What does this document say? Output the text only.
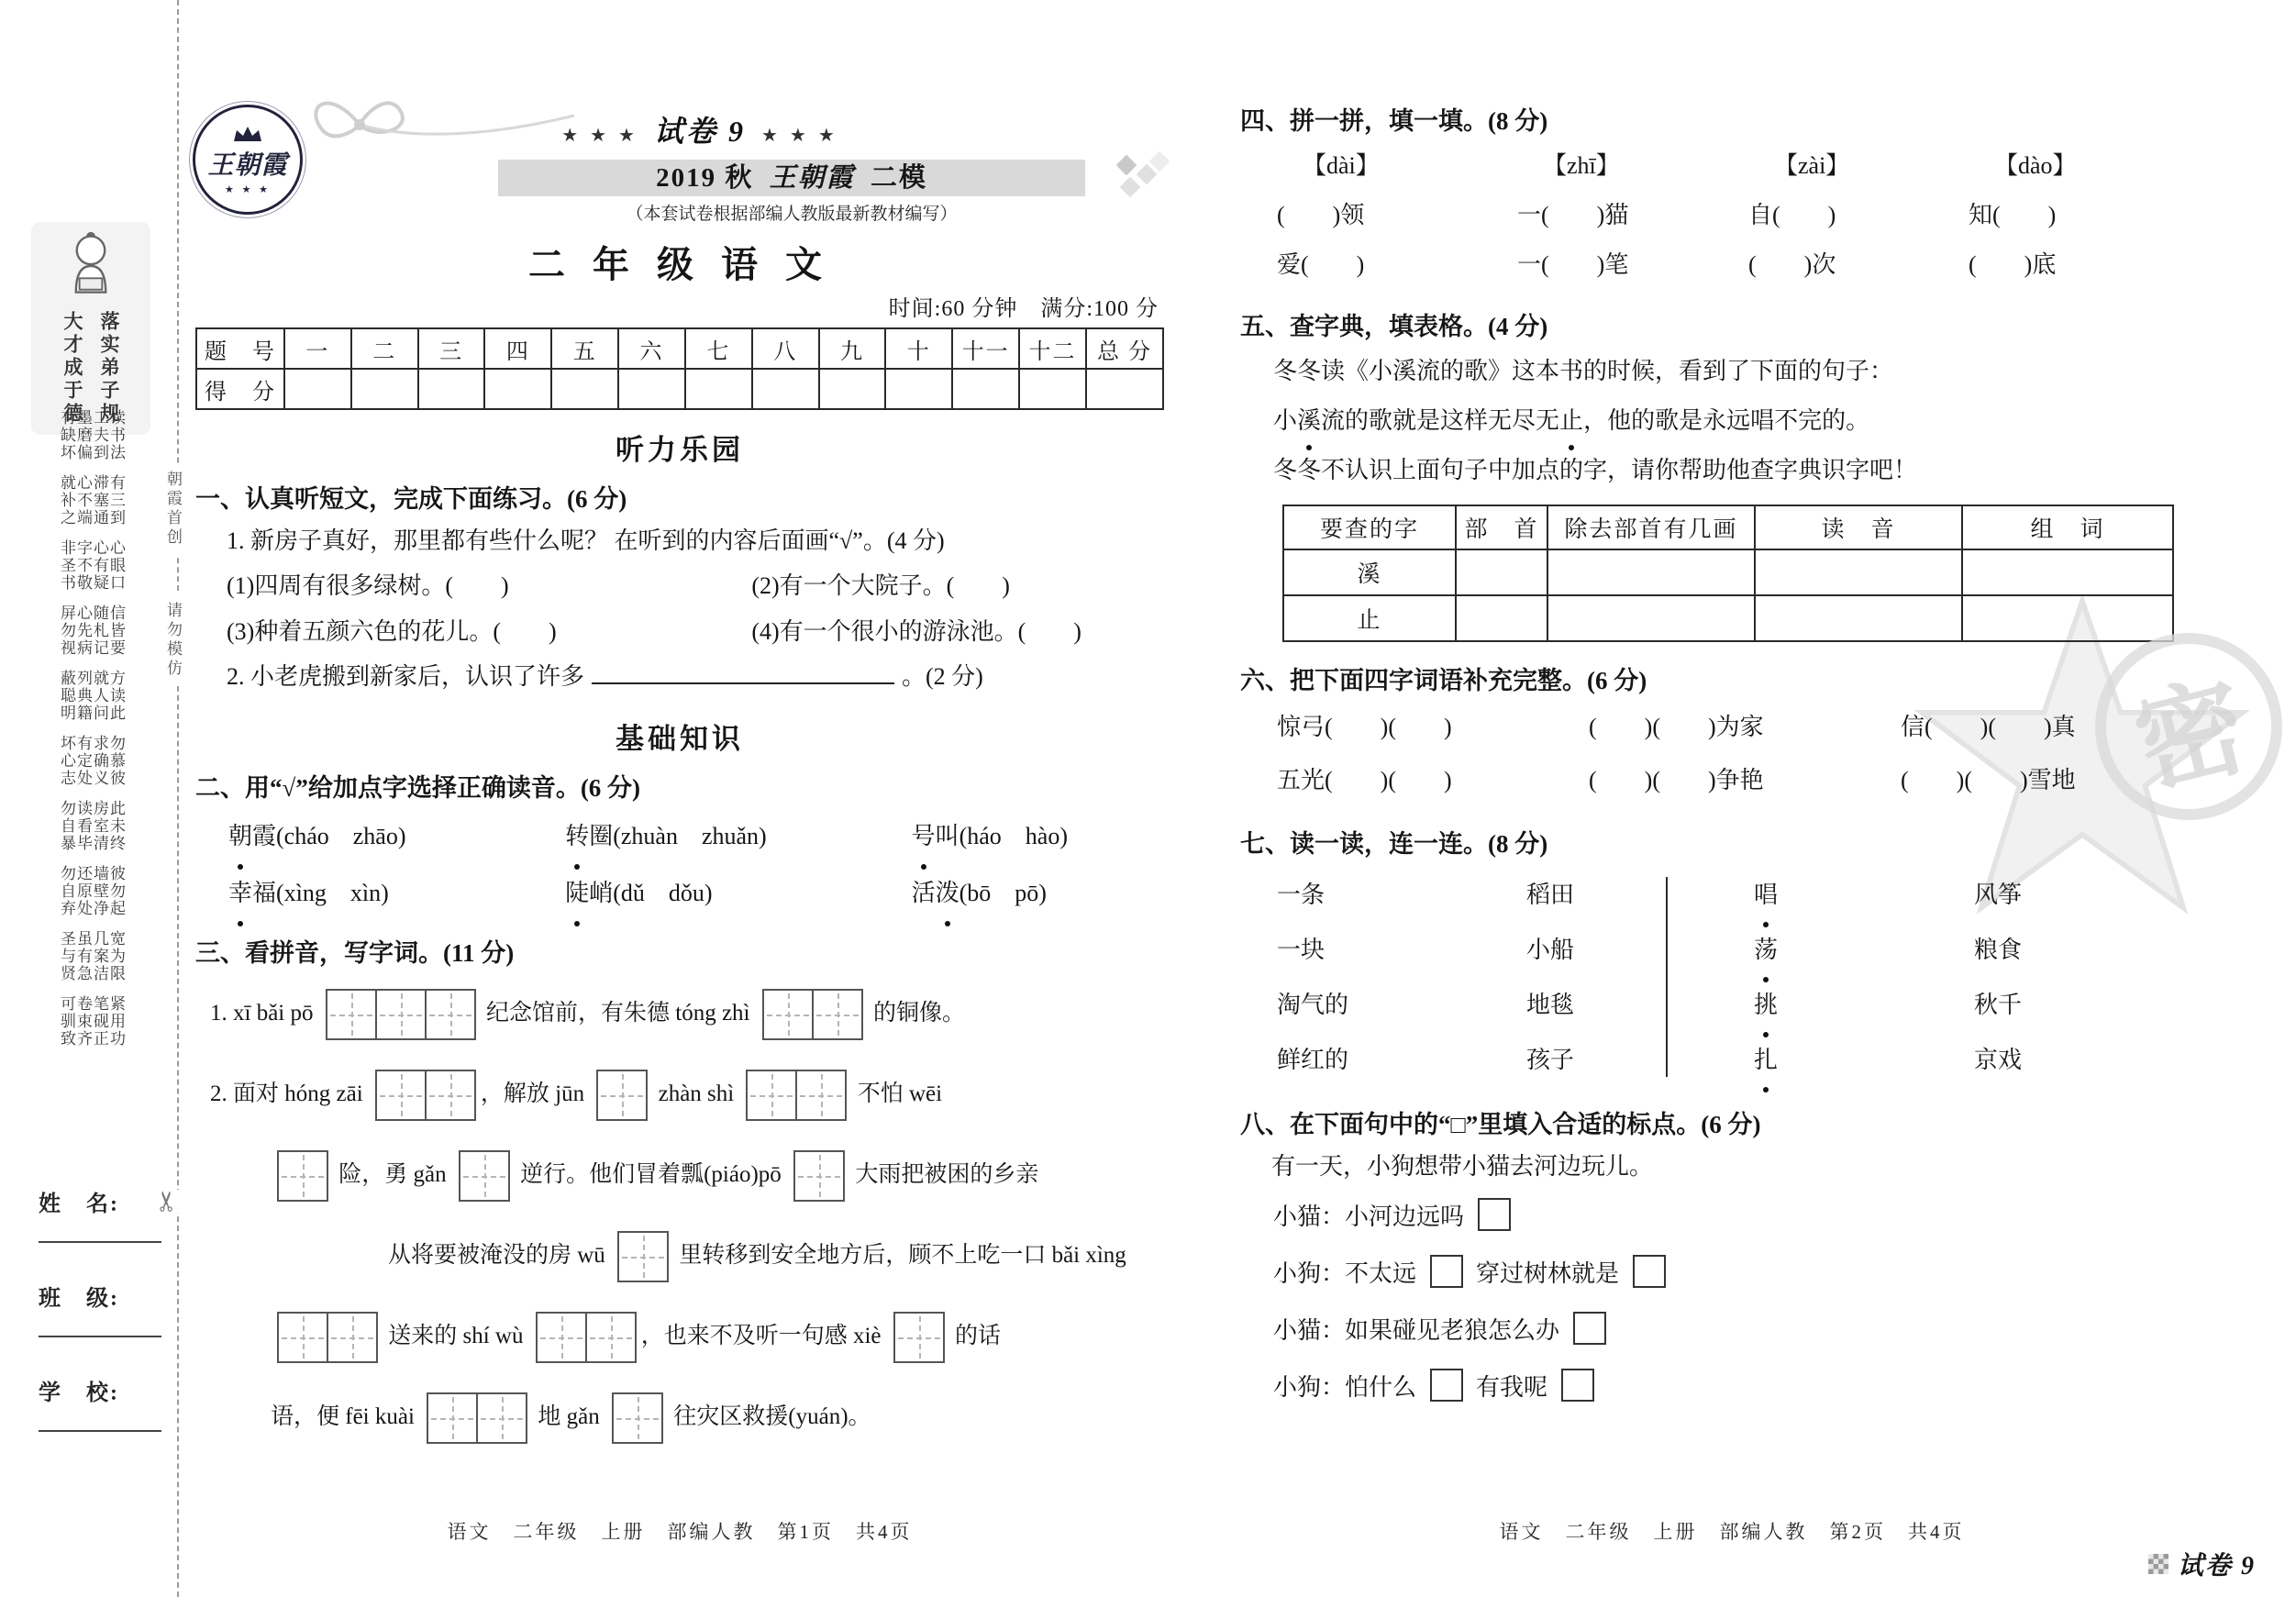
密
朝霞首创
请勿模仿
✂
大才成于德 落实弟子规
读书法
工夫到
墨磨偏
有缺坏
有三到
滞塞通
心不端
就补之
心眼口
心有疑
字不敬
非圣书
信皆要
随札记
心先病
屏勿视
方读此
就人问
列典籍
蔽聪明
勿慕彼
求确义
有定处
坏心志
此未终
房室清
读看毕
勿自暴
彼勿起
墙壁净
还原处
勿自弃
宽为限
几案洁
虽有急
圣与贤
紧用功
笔砚正
卷束齐
可驯致
姓　名:
班　级:
学　校:
王朝霞
★ ★ ★
★ ★ ★ 试卷 9 ★ ★ ★
2019 秋 王朝霞 二模
（本套试卷根据部编人教版最新教材编写）
二 年 级 语 文
时间:60 分钟　满分:100 分
题　号	一	二	三	四	五	六	七	八	九	十	十一	十二	总 分
得　分													
听力乐园
一、认真听短文，完成下面练习。(6 分)
1. 新房子真好，那里都有些什么呢？ 在听到的内容后面画“√”。(4 分)
(1)四周有很多绿树。(　　)	(2)有一个大院子。(　　)
(3)种着五颜六色的花儿。(　　)	(4)有一个很小的游泳池。(　　)
2. 小老虎搬到新家后，认识了许多	。(2 分)
基础知识
二、用“√”给加点字选择正确读音。(6 分)
朝霞(cháo　zhāo)	转圈(zhuàn　zhuǎn)	号叫(háo　hào)
幸福(xìng　xìn)	陡峭(dǔ　dǒu)	活泼(bō　pō)
三、看拼音，写字词。(11 分)
1. xī bǎi pō	纪念馆前，有朱德 tóng zhì	的铜像。
2. 面对 hóng zāi	，解放 jūn	zhàn shì	不怕 wēi
险，勇 gǎn	逆行。他们冒着瓢(piáo)pō	大雨把被困的乡亲
从将要被淹没的房 wū	里转移到安全地方后，顾不上吃一口 bǎi xìng
送来的 shí wù	，也来不及听一句感 xiè	的话
语，便 fēi kuài	地 gǎn	往灾区救援(yuán)。
语文　二年级　上册　部编人教　第1页　共4页
四、拼一拼，填一填。(8 分)
【dài】	【zhī】	【zài】	【dào】
(　　)领	一(　　)猫	自(　　)	知(　　)
爱(　　)	一(　　)笔	(　　)次	(　　)底
五、查字典，填表格。(4 分)
冬冬读《小溪流的歌》这本书的时候，看到了下面的句子：
小溪流的歌就是这样无尽无止，他的歌是永远唱不完的。
冬冬不认识上面句子中加点的字，请你帮助他查字典识字吧！
要查的字	部　首	除去部首有几画	读　音	组　词
溪				
止				
六、把下面四字词语补充完整。(6 分)
惊弓(　　)(　　)	(　　)(　　)为家	信(　　)(　　)真
五光(　　)(　　)	(　　)(　　)争艳	(　　)(　　)雪地
七、读一读，连一连。(8 分)
一条	稻田	唱	风筝
一块	小船	荡	粮食
淘气的	地毯	挑	秋千
鲜红的	孩子	扎	京戏
八、在下面句中的“□”里填入合适的标点。(6 分)
有一天，小狗想带小猫去河边玩儿。
小猫：小河边远吗
小狗：不太远  穿过树林就是
小猫：如果碰见老狼怎么办
小狗：怕什么  有我呢
语文　二年级　上册　部编人教　第2页　共4页
试卷 9
